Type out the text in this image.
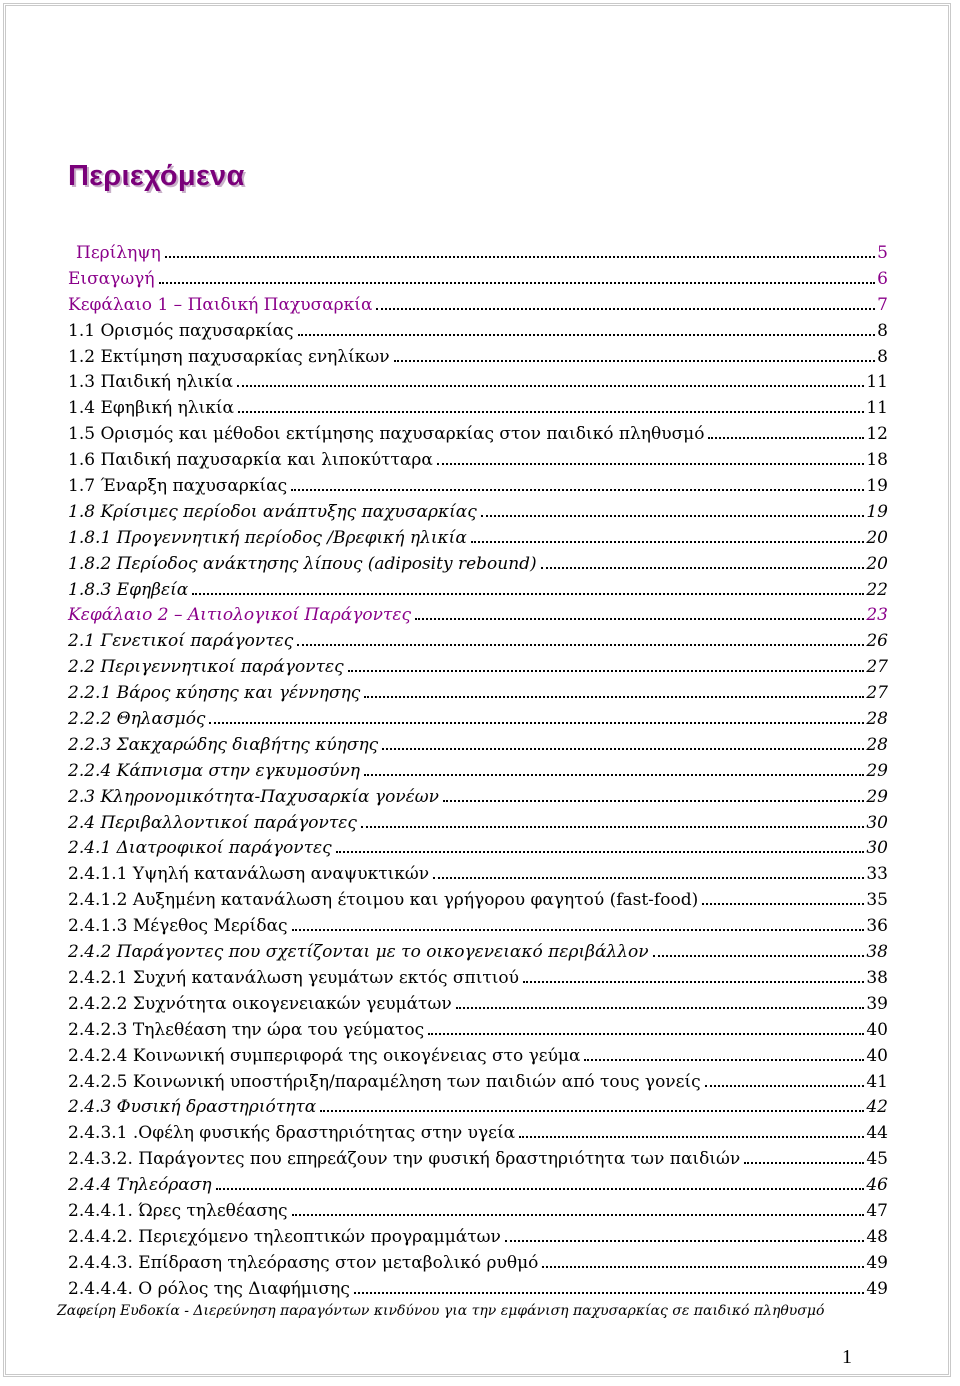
Περιεχόμενα
Περίληψη	5
Εισαγωγή	6
Κεφάλαιο 1 – Παιδική Παχυσαρκία	7
1.1 Ορισμός παχυσαρκίας	8
1.2 Εκτίμηση παχυσαρκίας ενηλίκων	8
1.3 Παιδική ηλικία	11
1.4 Εφηβική ηλικία	11
1.5 Ορισμός και μέθοδοι εκτίμησης παχυσαρκίας στον παιδικό πληθυσμό	12
1.6 Παιδική παχυσαρκία και λιποκύτταρα	18
1.7 Έναρξη παχυσαρκίας	19
1.8 Κρίσιμες περίοδοι ανάπτυξης παχυσαρκίας	19
1.8.1 Προγεννητική περίοδος /Βρεφική ηλικία	20
1.8.2 Περίοδος ανάκτησης λίπους (adiposity rebound)	20
1.8.3 Εφηβεία	22
Κεφάλαιο 2 – Αιτιολογικοί Παράγοντες	23
2.1 Γενετικοί παράγοντες	26
2.2 Περιγεννητικοί παράγοντες	27
2.2.1 Βάρος κύησης και γέννησης	27
2.2.2 Θηλασμός	28
2.2.3 Σακχαρώδης διαβήτης κύησης	28
2.2.4 Κάπνισμα στην εγκυμοσύνη	29
2.3 Κληρονομικότητα-Παχυσαρκία γονέων	29
2.4 Περιβαλλοντικοί παράγοντες	30
2.4.1 Διατροφικοί παράγοντες	30
2.4.1.1 Υψηλή κατανάλωση αναψυκτικών	33
2.4.1.2 Αυξημένη κατανάλωση έτοιμου και γρήγορου φαγητού (fast-food)	35
2.4.1.3 Μέγεθος Μερίδας	36
2.4.2 Παράγοντες που σχετίζονται με το οικογενειακό περιβάλλον	38
2.4.2.1 Συχνή κατανάλωση γευμάτων εκτός σπιτιού	38
2.4.2.2 Συχνότητα οικογενειακών γευμάτων	39
2.4.2.3 Τηλεθέαση την ώρα του γεύματος	40
2.4.2.4 Κοινωνική συμπεριφορά της οικογένειας στο γεύμα	40
2.4.2.5 Κοινωνική υποστήριξη/παραμέληση των παιδιών από τους γονείς	41
2.4.3 Φυσική δραστηριότητα	42
2.4.3.1 .Οφέλη φυσικής δραστηριότητας στην υγεία	44
2.4.3.2. Παράγοντες που επηρεάζουν την φυσική δραστηριότητα των παιδιών	45
2.4.4 Τηλεόραση	46
2.4.4.1. Ώρες τηλεθέασης	47
2.4.4.2. Περιεχόμενο τηλεοπτικών προγραμμάτων	48
2.4.4.3. Επίδραση τηλεόρασης στον μεταβολικό ρυθμό	49
2.4.4.4. Ο ρόλος της Διαφήμισης	49
Ζαφείρη Ευδοκία - Διερεύνηση παραγόντων κινδύνου για την εμφάνιση παχυσαρκίας σε παιδικό πληθυσμό
1
